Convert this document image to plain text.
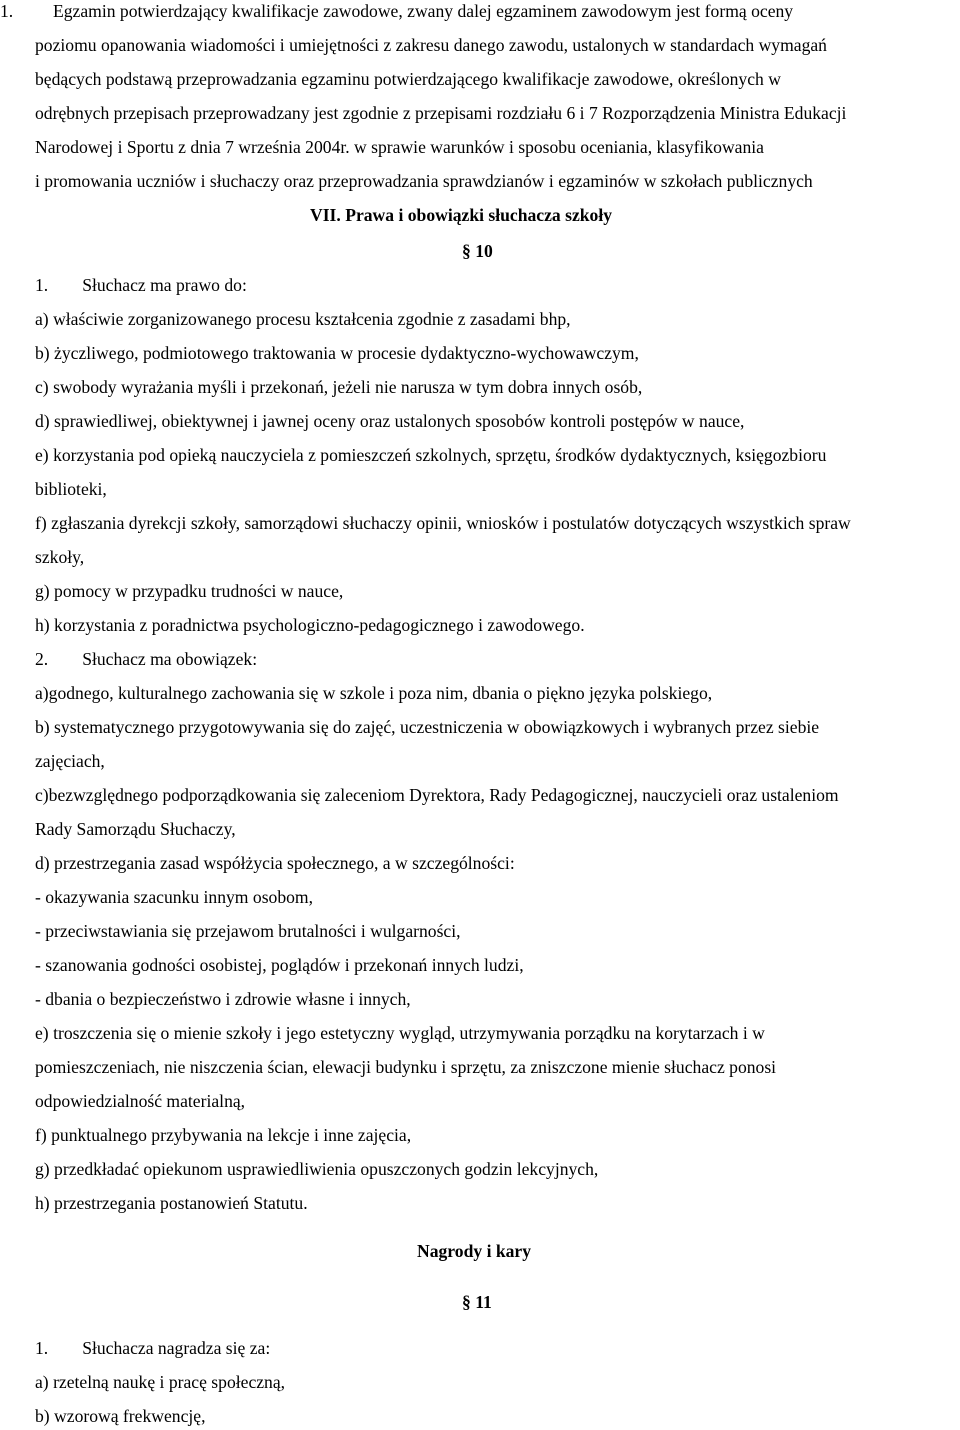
1. Egzamin potwierdzający kwalifikacje zawodowe, zwany dalej egzaminem zawodowym jest formą oceny
poziomu opanowania wiadomości i umiejętności z zakresu danego zawodu, ustalonych w standardach wymagań
będących podstawą przeprowadzania egzaminu potwierdzającego kwalifikacje zawodowe, określonych w
odrębnych przepisach przeprowadzany jest zgodnie z przepisami rozdziału 6 i 7 Rozporządzenia Ministra Edukacji
Narodowej i Sportu z dnia 7 września 2004r. w sprawie warunków i sposobu oceniania, klasyfikowania
i promowania uczniów i słuchaczy oraz przeprowadzania sprawdzianów i egzaminów w szkołach publicznych
VII. Prawa i obowiązki słuchacza szkoły
§ 10
1. Słuchacz ma prawo do:
a) właściwie zorganizowanego procesu kształcenia zgodnie z zasadami bhp,
b) życzliwego, podmiotowego traktowania w procesie dydaktyczno-wychowawczym,
c) swobody wyrażania myśli i przekonań, jeżeli nie narusza w tym dobra innych osób,
d) sprawiedliwej, obiektywnej i jawnej oceny oraz ustalonych sposobów kontroli postępów w nauce,
e) korzystania pod opieką nauczyciela z pomieszczeń szkolnych, sprzętu, środków dydaktycznych, księgozbioru
biblioteki,
f) zgłaszania dyrekcji szkoły, samorządowi słuchaczy opinii, wniosków i postulatów dotyczących wszystkich spraw
szkoły,
g) pomocy w przypadku trudności w nauce,
h) korzystania z poradnictwa psychologiczno-pedagogicznego i zawodowego.
2. Słuchacz ma obowiązek:
a)godnego, kulturalnego zachowania się w szkole i poza nim, dbania o piękno języka polskiego,
b) systematycznego przygotowywania się do zajęć, uczestniczenia w obowiązkowych i wybranych przez siebie
zajęciach,
c)bezwzględnego podporządkowania się zaleceniom Dyrektora, Rady Pedagogicznej, nauczycieli oraz ustaleniom
Rady Samorządu Słuchaczy,
d) przestrzegania zasad współżycia społecznego, a w szczególności:
- okazywania szacunku innym osobom,
- przeciwstawiania się przejawom brutalności i wulgarności,
- szanowania godności osobistej, poglądów i przekonań innych ludzi,
- dbania o bezpieczeństwo i zdrowie własne i innych,
e) troszczenia się o mienie szkoły i jego estetyczny wygląd, utrzymywania porządku na korytarzach i w
pomieszczeniach, nie niszczenia ścian, elewacji budynku i sprzętu, za zniszczone mienie słuchacz ponosi
odpowiedzialność materialną,
f) punktualnego przybywania na lekcje i inne zajęcia,
g) przedkładać opiekunom usprawiedliwienia opuszczonych godzin lekcyjnych,
h) przestrzegania postanowień Statutu.
Nagrody i kary
§ 11
1. Słuchacza nagradza się za:
a) rzetelną naukę i pracę społeczną,
b) wzorową frekwencję,
